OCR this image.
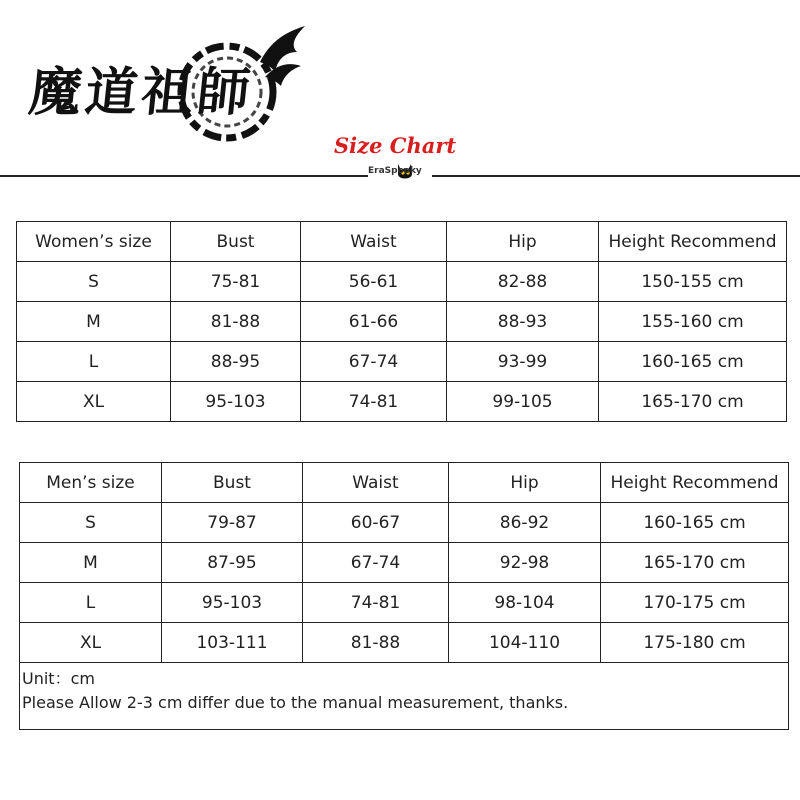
魔道祖師
Size Chart
EraSpooky
Women’s size	Bust	Waist	Hip	Height Recommend
S	75-81	56-61	82-88	150-155 cm
M	81-88	61-66	88-93	155-160 cm
L	88-95	67-74	93-99	160-165 cm
XL	95-103	74-81	99-105	165-170 cm
Men’s size	Bust	Waist	Hip	Height Recommend
S	79-87	60-67	86-92	160-165 cm
M	87-95	67-74	92-98	165-170 cm
L	95-103	74-81	98-104	170-175 cm
XL	103-111	81-88	104-110	175-180 cm

Unit：cm
Please Allow 2-3 cm differ due to the manual measurement, thanks.				
